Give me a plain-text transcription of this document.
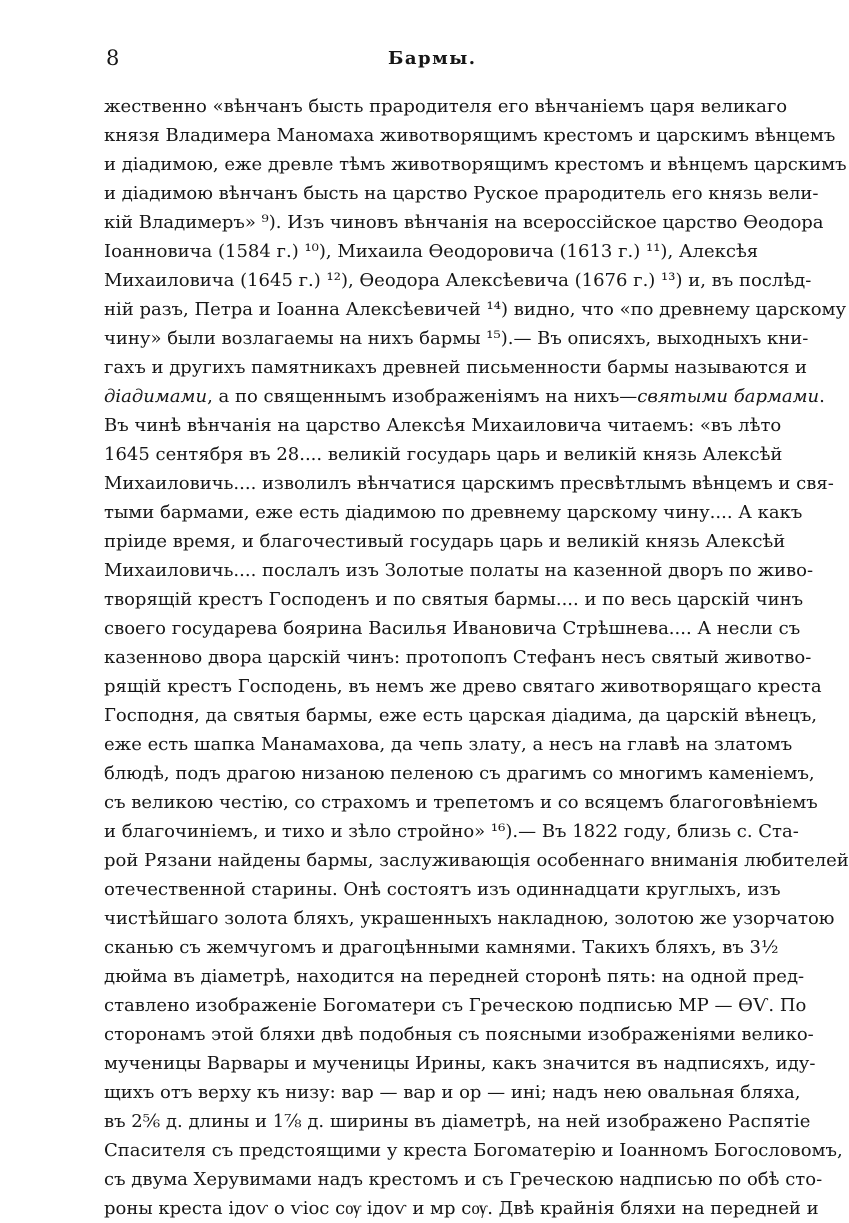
8	Бармы.
жественно «вѣнчанъ бысть прародителя его вѣнчаніемъ царя великаго
князя Владимера Маномаха животворящимъ крестомъ и царскимъ вѣнцемъ
и діадимою, еже древле тѣмъ животворящимъ крестомъ и вѣнцемъ царскимъ
и діадимою вѣнчанъ бысть на царство Руское прародитель его князь вели-
кій Владимеръ» ⁹). Изъ чиновъ вѣнчанія на всероссійское царство Ѳеодора
Іоанновича (1584 г.) ¹⁰), Михаила Ѳеодоровича (1613 г.) ¹¹), Алексѣя
Михаиловича (1645 г.) ¹²), Ѳеодора Алексѣевича (1676 г.) ¹³) и, въ послѣд-
ній разъ, Петра и Іоанна Алексѣевичей ¹⁴) видно, что «по древнему царскому
чину» были возлагаемы на нихъ бармы ¹⁵).— Въ описяхъ, выходныхъ кни-
гахъ и другихъ памятникахъ древней письменности бармы называются и
діадимами, а по священнымъ изображеніямъ на нихъ—святыми бармами.
Въ чинѣ вѣнчанія на царство Алексѣя Михаиловича читаемъ: «въ лѣто
1645 сентября въ 28.... великій государь царь и великій князь Алексѣй
Михаиловичь.... изволилъ вѣнчатися царскимъ пресвѣтлымъ вѣнцемъ и свя-
тыми бармами, еже есть діадимою по древнему царскому чину.... А какъ
пріиде время, и благочестивый государь царь и великій князь Алексѣй
Михаиловичь.... послалъ изъ Золотые полаты на казенной дворъ по живо-
творящій крестъ Господенъ и по святыя бармы.... и по весь царскій чинъ
своего государева боярина Василья Ивановича Стрѣшнева.... А несли съ
казенново двора царскій чинъ: протопопъ Стефанъ несъ святый животво-
рящій крестъ Господень, въ немъ же древо святаго животворящаго креста
Господня, да святыя бармы, еже есть царская діадима, да царскій вѣнецъ,
еже есть шапка Манамахова, да чепь злату, а несъ на главѣ на златомъ
блюдѣ, подъ драгою низаною пеленою съ драгимъ со многимъ каменіемъ,
съ великою честію, со страхомъ и трепетомъ и со всяцемъ благоговѣніемъ
и благочиніемъ, и тихо и зѣло стройно» ¹⁶).— Въ 1822 году, близь с. Ста-
рой Рязани найдены бармы, заслуживающія особеннаго вниманія любителей
отечественной старины. Онѣ состоятъ изъ одиннадцати круглыхъ, изъ
чистѣйшаго золота бляхъ, украшенныхъ накладною, золотою же узорчатою
сканью съ жемчугомъ и драгоцѣнными камнями. Такихъ бляхъ, въ 3½
дюйма въ діаметрѣ, находится на передней сторонѣ пять: на одной пред-
ставлено изображеніе Богоматери съ Греческою подписью МР — ѲѴ. По
сторонамъ этой бляхи двѣ подобныя съ поясными изображеніями велико-
мученицы Варвары и мученицы Ирины, какъ значится въ надписяхъ, иду-
щихъ отъ верху къ низу: вар — вар и ор — ині; надъ нею овальная бляха,
въ 2⅚ д. длины и 1⅞ д. ширины въ діаметрѣ, на ней изображено Распятіе
Спасителя съ предстоящими у креста Богоматерію и Іоанномъ Богословомъ,
съ двума Херувимами надъ крестомъ и съ Греческою надписью по обѣ сто-
роны креста ідоѵ о ѵіос сѹ ідоѵ и мр сѹ. Двѣ крайнія бляхи на передней и
